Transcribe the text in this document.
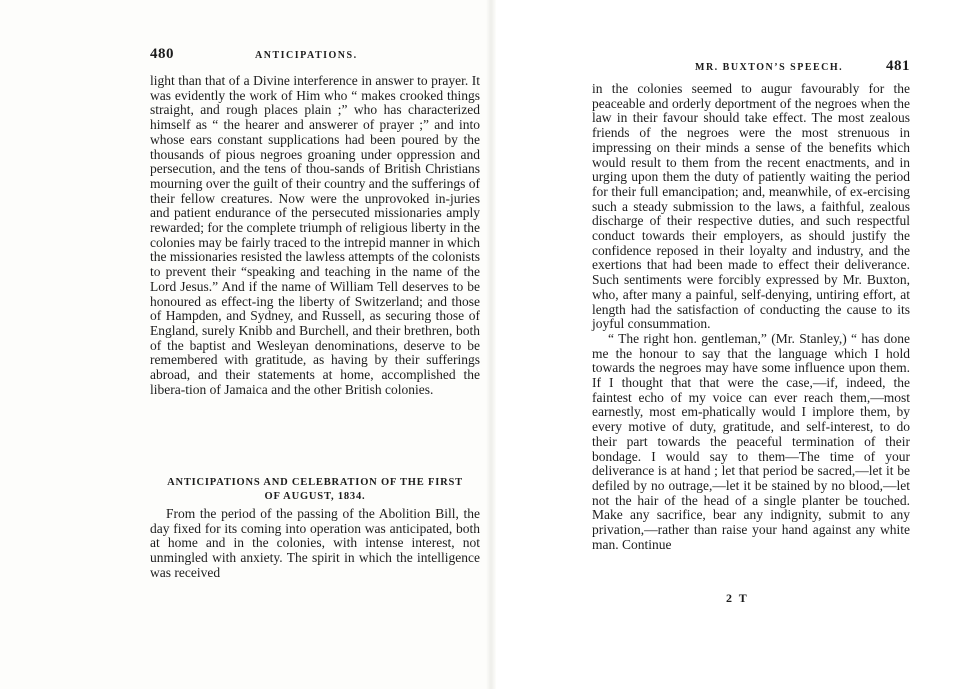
480	ANTICIPATIONS.

light than that of a Divine interference in answer to prayer. It was evidently the work of Him who “ makes crooked things straight, and rough places plain ;” who has characterized himself as “ the hearer and answerer of prayer ;” and into whose ears constant supplications had been poured by the thousands of pious negroes groaning under oppression and persecution, and the tens of thou-sands of British Christians mourning over the guilt of their country and the sufferings of their fellow creatures. Now were the unprovoked in-juries and patient endurance of the persecuted missionaries amply rewarded; for the complete triumph of religious liberty in the colonies may be fairly traced to the intrepid manner in which the missionaries resisted the lawless attempts of the colonists to prevent their “speaking and teaching in the name of the Lord Jesus.” And if the name of William Tell deserves to be honoured as effect-ing the liberty of Switzerland; and those of Hampden, and Sydney, and Russell, as securing those of England, surely Knibb and Burchell, and their brethren, both of the baptist and Wesleyan denominations, deserve to be remembered with gratitude, as having by their sufferings abroad, and their statements at home, accomplished the libera-tion of Jamaica and the other British colonies.

ANTICIPATIONS AND CELEBRATION OF THE FIRST
OF AUGUST, 1834.

From the period of the passing of the Abolition Bill, the day fixed for its coming into operation was anticipated, both at home and in the colonies, with intense interest, not unmingled with anxiety. The spirit in which the intelligence was received

MR. BUXTON’S SPEECH.	481

in the colonies seemed to augur favourably for the peaceable and orderly deportment of the negroes when the law in their favour should take effect. The most zealous friends of the negroes were the most strenuous in impressing on their minds a sense of the benefits which would result to them from the recent enactments, and in urging upon them the duty of patiently waiting the period for their full emancipation; and, meanwhile, of ex-ercising such a steady submission to the laws, a faithful, zealous discharge of their respective duties, and such respectful conduct towards their employers, as should justify the confidence reposed in their loyalty and industry, and the exertions that had been made to effect their deliverance. Such sentiments were forcibly expressed by Mr. Buxton, who, after many a painful, self-denying, untiring effort, at length had the satisfaction of conducting the cause to its joyful consummation.

“ The right hon. gentleman,” (Mr. Stanley,) “ has done me the honour to say that the language which I hold towards the negroes may have some influence upon them. If I thought that that were the case,—if, indeed, the faintest echo of my voice can ever reach them,—most earnestly, most em-phatically would I implore them, by every motive of duty, gratitude, and self-interest, to do their part towards the peaceful termination of their bondage. I would say to them—The time of your deliverance is at hand ; let that period be sacred,—let it be defiled by no outrage,—let it be stained by no blood,—let not the hair of the head of a single planter be touched. Make any sacrifice, bear any indignity, submit to any privation,—rather than raise your hand against any white man. Continue

2 T
